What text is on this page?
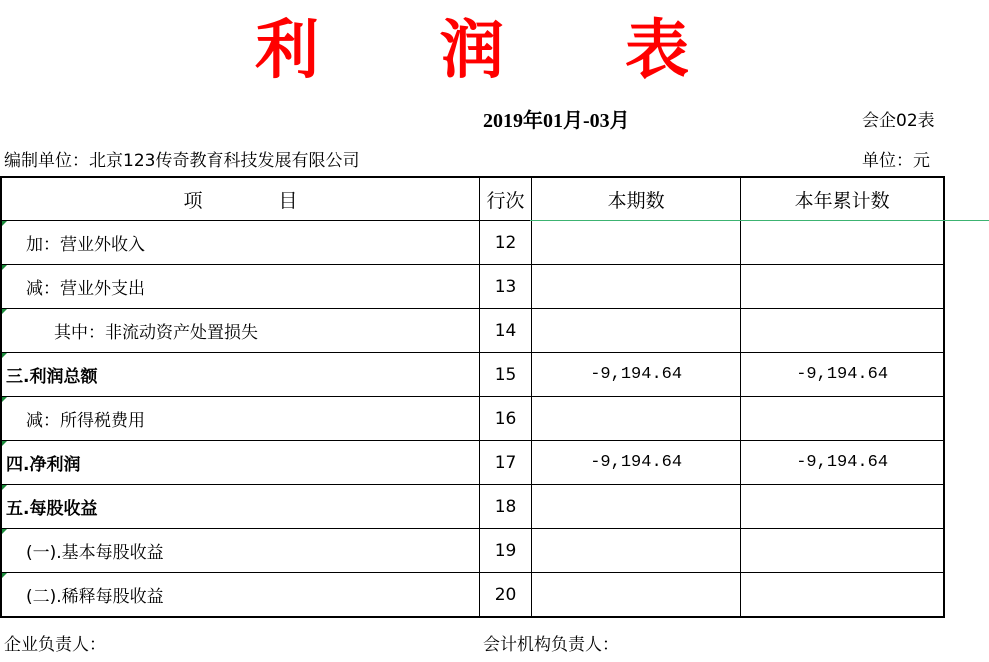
利 润 表
2019年01月-03月	会企02表
编制单位：北京123传奇教育科技发展有限公司	单位：元
项　　　　目	行次	本期数	本年累计数
加：营业外收入	12		
减：营业外支出	13		
其中：非流动资产处置损失	14		
三.利润总额	15	-9,194.64	-9,194.64
减：所得税费用	16		
四.净利润	17	-9,194.64	-9,194.64
五.每股收益	18		
(一).基本每股收益	19		
(二).稀释每股收益	20		
企业负责人：	会计机构负责人：
